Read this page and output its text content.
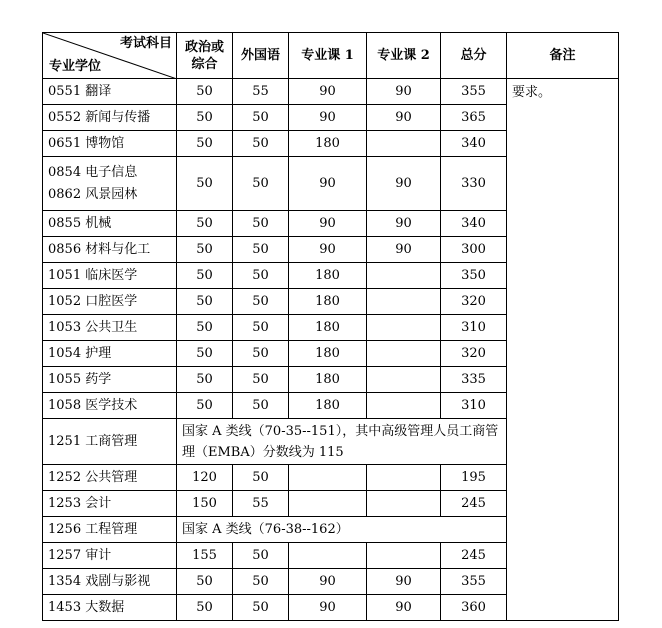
考试科目
专业学位	政治或综合	外国语	专业课 1	专业课 2	总分	备注
0551 翻译	50	55	90	90	355	要求。
0552 新闻与传播	50	50	90	90	365	
0651 博物馆	50	50	180		340	

0854 电子信息
0862 风景园林	50	50	90	90	330	
0855 机械	50	50	90	90	340	
0856 材料与化工	50	50	90	90	300	
1051 临床医学	50	50	180		350	
1052 口腔医学	50	50	180		320	
1053 公共卫生	50	50	180		310	
1054 护理	50	50	180		320	
1055 药学	50	50	180		335	
1058 医学技术	50	50	180		310	
1251 工商管理	国家 A 类线（70-35--151），其中高级管理人员工商管理（EMBA）分数线为 115					
1252 公共管理	120	50			195	
1253 会计	150	55			245	
1256 工程管理	国家 A 类线（76-38--162）					
1257 审计	155	50			245	
1354 戏剧与影视	50	50	90	90	355	
1453 大数据	50	50	90	90	360	
